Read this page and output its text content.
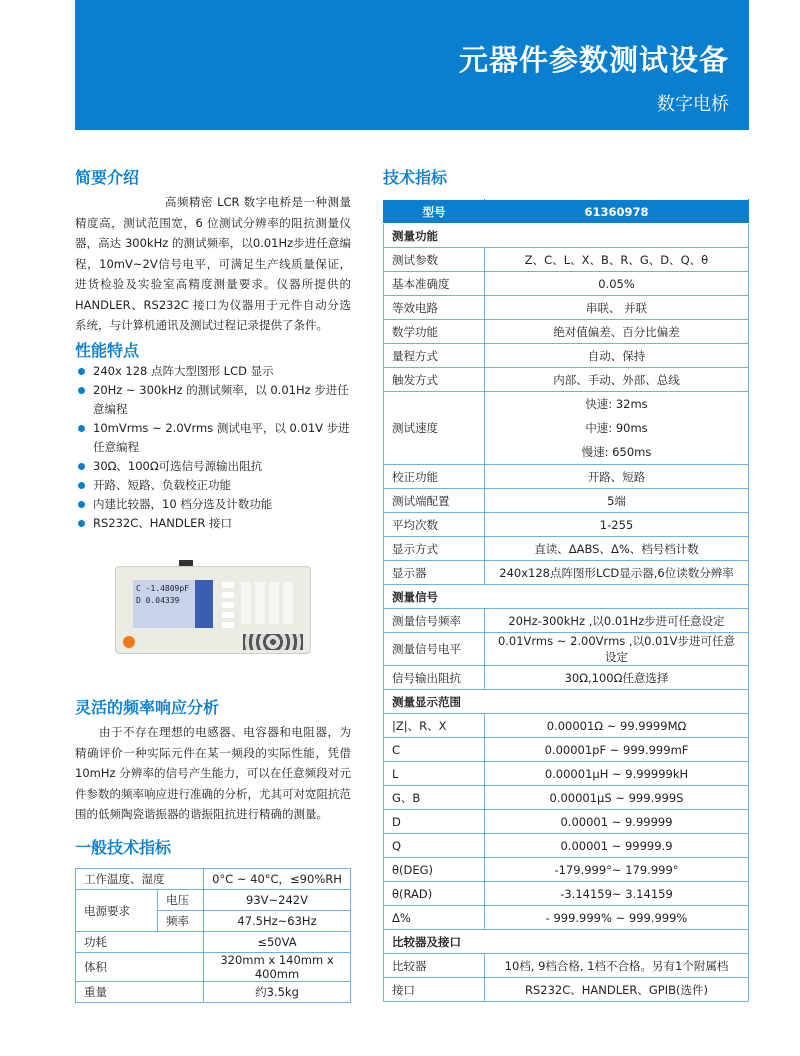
元器件参数测试设备
数字电桥
简要介绍

高频精密 LCR 数字电桥是一种测量精度高，测试范围宽，6 位测试分辨率的阻抗测量仪器，高达 300kHz 的测试频率，以0.01Hz步进任意编程，10mV~2V信号电平，可满足生产线质量保证，进货检验及实验室高精度测量要求。仪器所提供的HANDLER、RS232C 接口为仪器用于元件自动分选系统，与计算机通讯及测试过程记录提供了条件。

性能特点
240x 128 点阵大型图形 LCD 显示
20Hz ~ 300kHz 的测试频率，以 0.01Hz 步进任意编程
10mVrms ~ 2.0Vrms 测试电平，以 0.01V 步进任意编程
30Ω、100Ω可选信号源输出阻抗
开路、短路、负载校正功能
内建比较器，10 档分选及计数功能
RS232C、HANDLER 接口
C -1.4809pF
D 0.04339
灵活的频率响应分析

由于不存在理想的电感器、电容器和电阻器，为精确评价一种实际元件在某一频段的实际性能，凭借 10mHz 分辨率的信号产生能力，可以在任意频段对元件参数的频率响应进行准确的分析，尤其可对宽阻抗范围的低频陶瓷谐振器的谐振阻抗进行精确的测量。

一般技术指标
工作温度、湿度		0°C ~ 40°C，≤90%RH
电源要求	电压	93V~242V
	频率	47.5Hz~63Hz
功耗		≤50VA
体积		320mm x 140mm x 400mm
重量		约3.5kg
技术指标
型号	61360978
测量功能	
测试参数	Z、C、L、X、B、R、G、D、Q、θ
基本准确度	0.05%
等效电路	串联、 并联
数学功能	绝对值偏差、百分比偏差
量程方式	自动、保持
触发方式	内部、手动、外部、总线
测试速度	快速: 32ms
中速: 90ms
慢速: 650ms

校正功能	开路、短路
测试端配置	5端
平均次数	1-255
显示方式	直读、ΔABS、Δ%、档号档计数
显示器	240x128点阵图形LCD显示器,6位读数分辨率
测量信号	
测量信号频率	20Hz-300kHz ,以0.01Hz步进可任意设定
测量信号电平	0.01Vrms ~ 2.00Vrms ,以0.01V步进可任意设定
信号输出阻抗	30Ω,100Ω任意选择
测量显示范围	
|Z|、R、X	0.00001Ω ~ 99.9999MΩ
C	0.00001pF ~ 999.999mF
L	0.00001μH ~ 9.99999kH
G、B	0.00001μS ~ 999.999S
D	0.00001 ~ 9.99999
Q	0.00001 ~ 99999.9
θ(DEG)	-179.999°~ 179.999°
θ(RAD)	-3.14159~ 3.14159
Δ%	- 999.999% ~ 999.999%
比较器及接口	
比较器	10档, 9档合格, 1档不合格。另有1个附属档
接口	RS232C、HANDLER、GPIB(选件)
